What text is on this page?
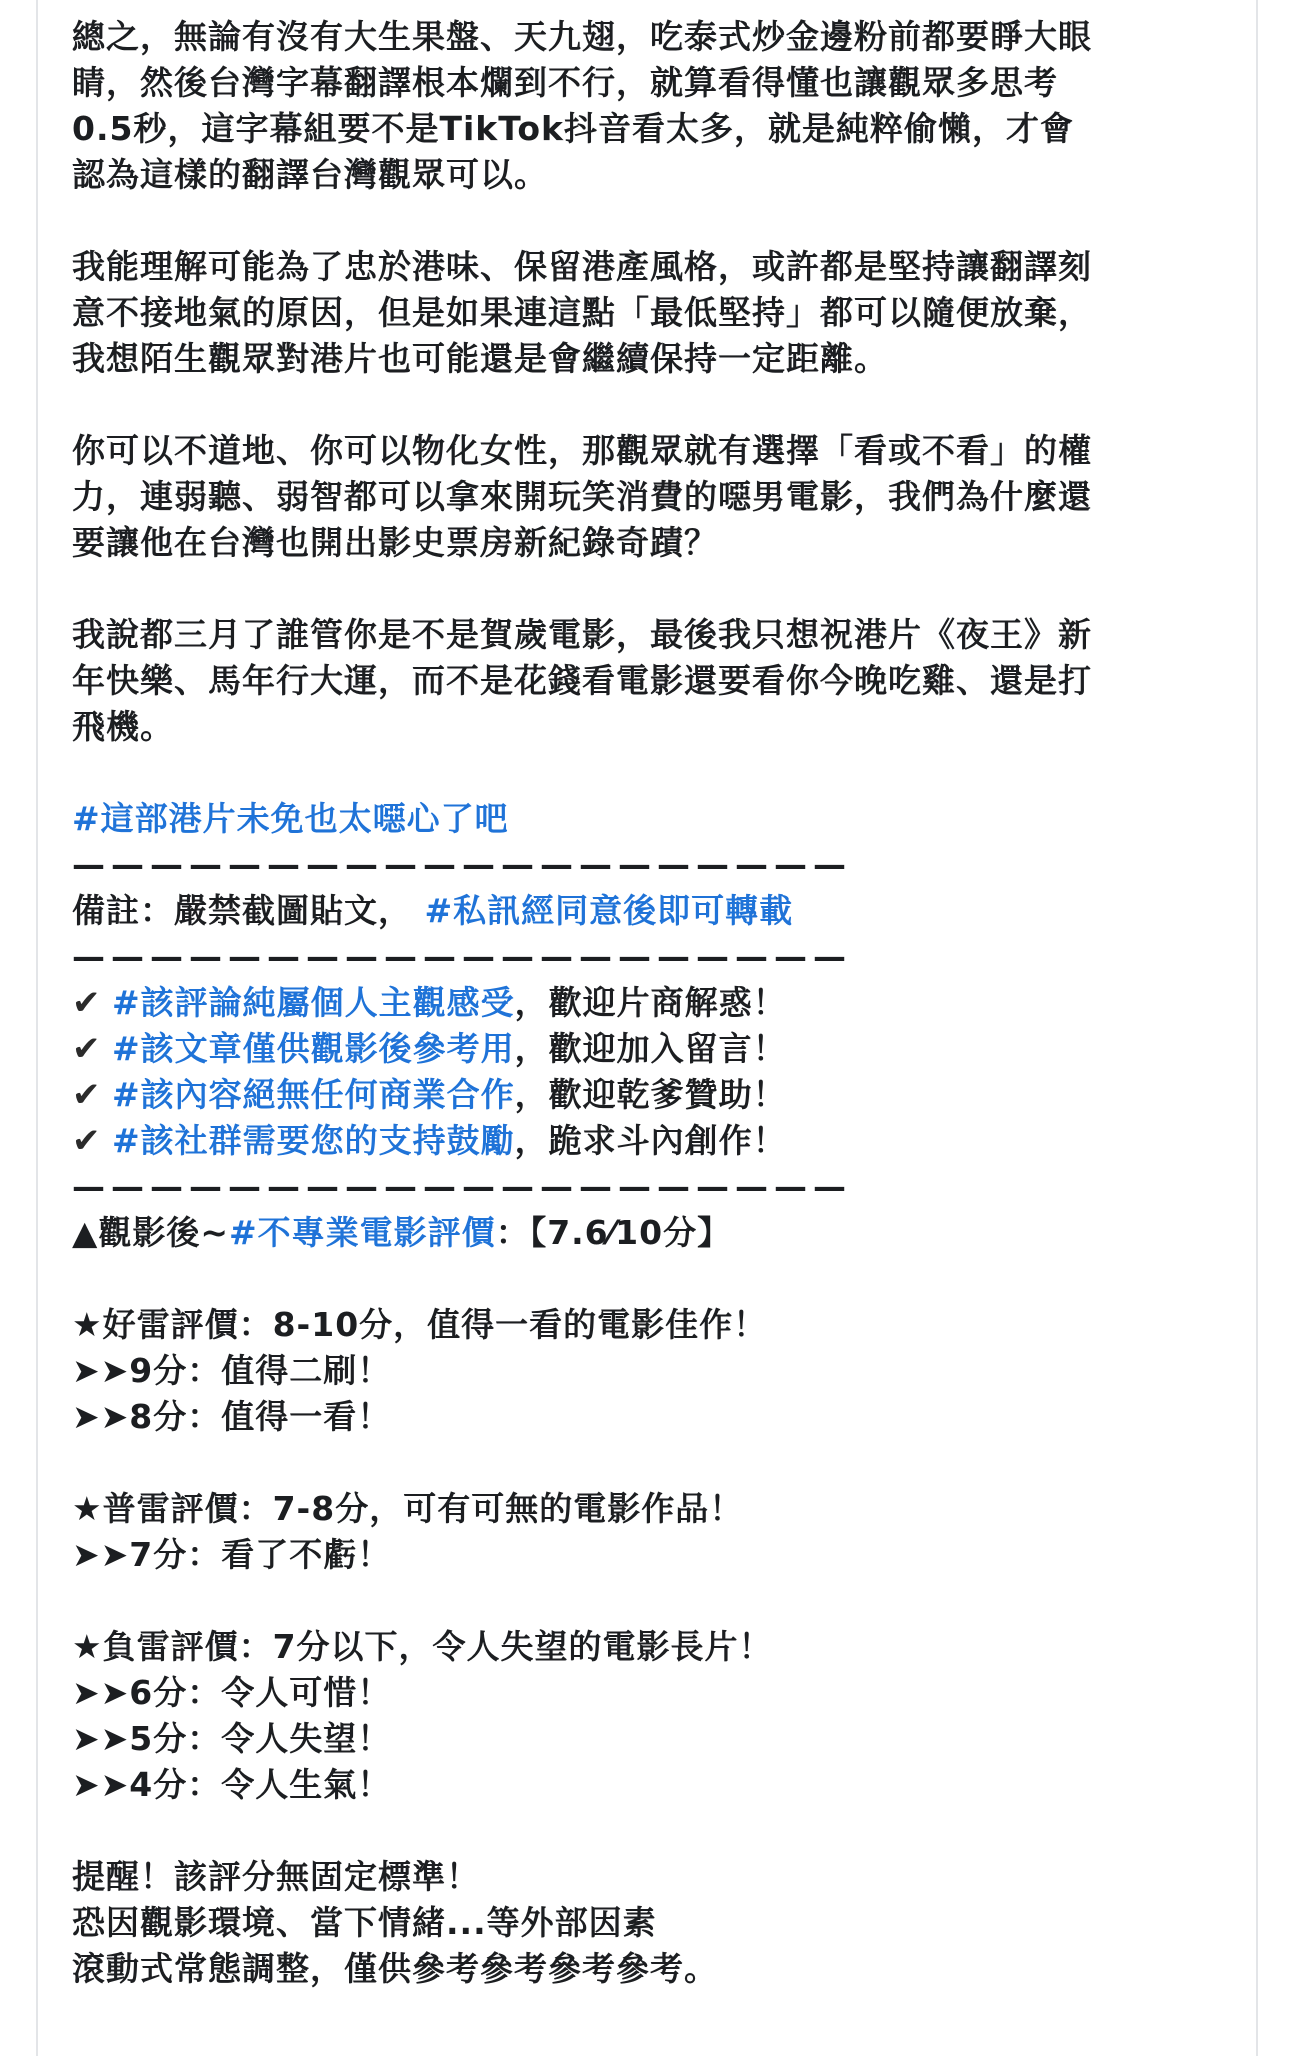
總之，無論有沒有大生果盤、天九翅，吃泰式炒金邊粉前都要睜大眼
睛，然後台灣字幕翻譯根本爛到不行，就算看得懂也讓觀眾多思考
0.5秒，這字幕組要不是TikTok抖音看太多，就是純粹偷懶，才會
認為這樣的翻譯台灣觀眾可以。
我能理解可能為了忠於港味、保留港產風格，或許都是堅持讓翻譯刻
意不接地氣的原因，但是如果連這點「最低堅持」都可以隨便放棄，
我想陌生觀眾對港片也可能還是會繼續保持一定距離。
你可以不道地、你可以物化女性，那觀眾就有選擇「看或不看」的權
力，連弱聽、弱智都可以拿來開玩笑消費的噁男電影，我們為什麼還
要讓他在台灣也開出影史票房新紀錄奇蹟？
我說都三月了誰管你是不是賀歲電影，最後我只想祝港片《夜王》新
年快樂、馬年行大運，而不是花錢看電影還要看你今晚吃雞、還是打
飛機。
#這部港片未免也太噁心了吧
————————————————————
備註：嚴禁截圖貼文， #私訊經同意後即可轉載
————————————————————
✔ #該評論純屬個人主觀感受，歡迎片商解惑！
✔ #該文章僅供觀影後參考用，歡迎加入留言！
✔ #該內容絕無任何商業合作，歡迎乾爹贊助！
✔ #該社群需要您的支持鼓勵，跪求斗內創作！
————————————————————
▲觀影後~#不專業電影評價：【7.6⁄10分】
★好雷評價：8-10分，值得一看的電影佳作！
➤➤9分：值得二刷！
➤➤8分：值得一看！
★普雷評價：7-8分，可有可無的電影作品！
➤➤7分：看了不虧！
★負雷評價：7分以下，令人失望的電影長片！
➤➤6分：令人可惜！
➤➤5分：令人失望！
➤➤4分：令人生氣！
提醒！該評分無固定標準！
恐因觀影環境、當下情緒...等外部因素
滾動式常態調整，僅供參考參考參考參考。
